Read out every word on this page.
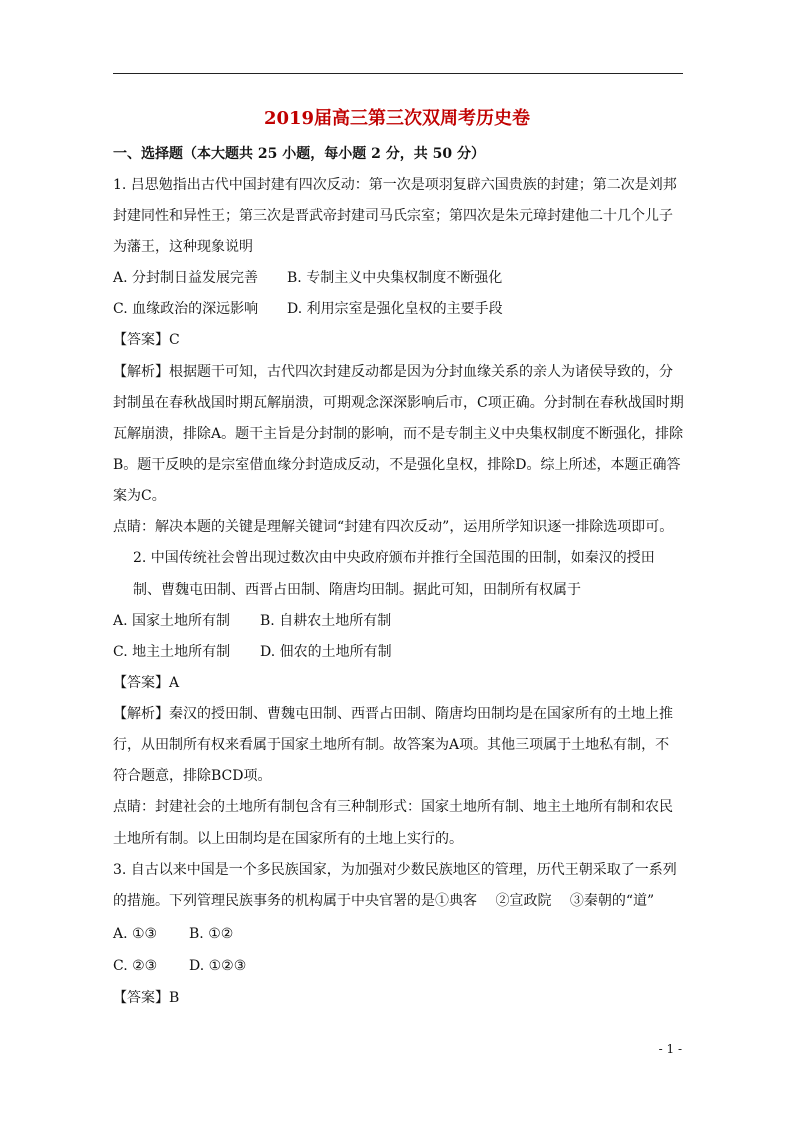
2019届高三第三次双周考历史卷
一、选择题（本大题共 25 小题，每小题 2 分，共 50 分）
1. 吕思勉指出古代中国封建有四次反动：第一次是项羽复辟六国贵族的封建；第二次是刘邦
封建同性和异性王；第三次是晋武帝封建司马氏宗室；第四次是朱元璋封建他二十几个儿子
为藩王，这种现象说明
A. 分封制日益发展完善 B. 专制主义中央集权制度不断强化
C. 血缘政治的深远影响 D. 利用宗室是强化皇权的主要手段
【答案】C
【解析】根据题干可知，古代四次封建反动都是因为分封血缘关系的亲人为诸侯导致的，分
封制虽在春秋战国时期瓦解崩溃，可期观念深深影响后市，C项正确。分封制在春秋战国时期
瓦解崩溃，排除A。题干主旨是分封制的影响，而不是专制主义中央集权制度不断强化，排除
B。题干反映的是宗室借血缘分封造成反动，不是强化皇权，排除D。综上所述，本题正确答
案为C。
点睛：解决本题的关键是理解关键词“封建有四次反动”，运用所学知识逐一排除选项即可。
2. 中国传统社会曾出现过数次由中央政府颁布并推行全国范围的田制，如秦汉的授田
制、曹魏屯田制、西晋占田制、隋唐均田制。据此可知，田制所有权属于
A. 国家土地所有制 B. 自耕农土地所有制
C. 地主土地所有制 D. 佃农的土地所有制
【答案】A
【解析】秦汉的授田制、曹魏屯田制、西晋占田制、隋唐均田制均是在国家所有的土地上推
行，从田制所有权来看属于国家土地所有制。故答案为A项。其他三项属于土地私有制，不
符合题意，排除BCD项。
点睛：封建社会的土地所有制包含有三种制形式：国家土地所有制、地主土地所有制和农民
土地所有制。以上田制均是在国家所有的土地上实行的。
3. 自古以来中国是一个多民族国家，为加强对少数民族地区的管理，历代王朝采取了一系列
的措施。下列管理民族事务的机构属于中央官署的是①典客　 ②宣政院　 ③秦朝的“道”
A. ①③ B. ①②
C. ②③ D. ①②③
【答案】B
- 1 -
